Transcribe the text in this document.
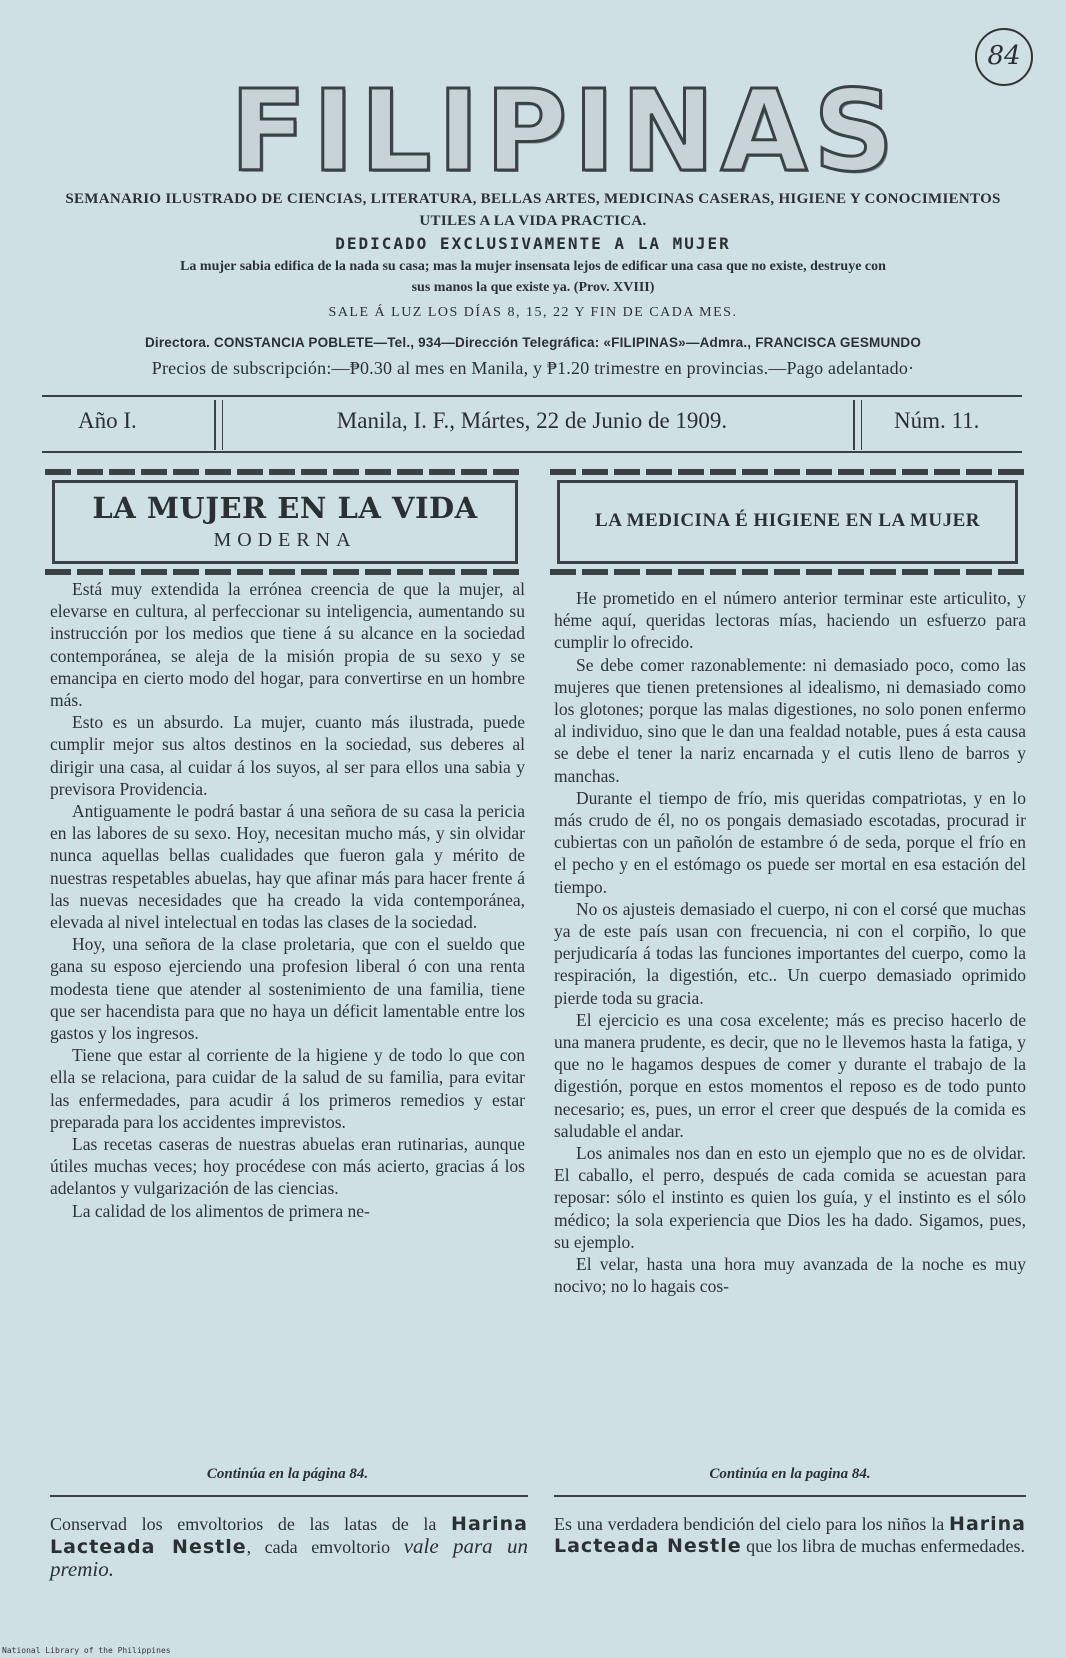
84
FILIPINAS
SEMANARIO ILUSTRADO DE CIENCIAS, LITERATURA, BELLAS ARTES, MEDICINAS CASERAS, HIGIENE Y CONOCIMIENTOS
UTILES A LA VIDA PRACTICA.
DEDICADO EXCLUSIVAMENTE A LA MUJER
La mujer sabia edifica de la nada su casa; mas la mujer insensata lejos de edificar una casa que no existe, destruye con
sus manos la que existe ya. (Prov. XVIII)
SALE Á LUZ LOS DÍAS 8, 15, 22 Y FIN DE CADA MES.
Directora. CONSTANCIA POBLETE—Tel., 934—Dirección Telegráfica: «FILIPINAS»—Admra., FRANCISCA GESMUNDO
Precios de subscripción:—₱0.30 al mes en Manila, y ₱1.20 trimestre en provincias.—Pago adelantado·
Año I.	Manila, I. F., Mártes, 22 de Junio de 1909.	Núm. 11.
LA MUJER EN LA VIDA
MODERNA

Está muy extendida la errónea creencia de que la mujer, al elevarse en cultura, al perfeccionar su inteligencia, aumentando su instrucción por los medios que tiene á su alcance en la sociedad contemporánea, se aleja de la misión propia de su sexo y se emancipa en cierto modo del hogar, para convertirse en un hombre más.

Esto es un absurdo. La mujer, cuanto más ilustrada, puede cumplir mejor sus altos destinos en la sociedad, sus deberes al dirigir una casa, al cuidar á los suyos, al ser para ellos una sabia y previsora Providencia.

Antiguamente le podrá bastar á una señora de su casa la pericia en las labores de su sexo. Hoy, necesitan mucho más, y sin olvidar nunca aquellas bellas cualidades que fueron gala y mérito de nuestras respetables abuelas, hay que afinar más para hacer frente á las nuevas necesidades que ha creado la vida contemporánea, elevada al nivel intelectual en todas las clases de la sociedad.

Hoy, una señora de la clase proletaria, que con el sueldo que gana su esposo ejerciendo una profesion liberal ó con una renta modesta tiene que atender al sostenimiento de una familia, tiene que ser hacendista para que no haya un déficit lamentable entre los gastos y los ingresos.

Tiene que estar al corriente de la higiene y de todo lo que con ella se relaciona, para cuidar de la salud de su familia, para evitar las enfermedades, para acudir á los primeros remedios y estar preparada para los accidentes imprevistos.

Las recetas caseras de nuestras abuelas eran rutinarias, aunque útiles muchas veces; hoy procédese con más acierto, gracias á los adelantos y vulgarización de las ciencias.

La calidad de los alimentos de primera ne-

Continúa en la página 84.
LA MEDICINA É HIGIENE EN LA MUJER

He prometido en el número anterior terminar este articulito, y héme aquí, queridas lectoras mías, haciendo un esfuerzo para cumplir lo ofrecido.

Se debe comer razonablemente: ni demasiado poco, como las mujeres que tienen pretensiones al idealismo, ni demasiado como los glotones; porque las malas digestiones, no solo ponen enfermo al individuo, sino que le dan una fealdad notable, pues á esta causa se debe el tener la nariz encarnada y el cutis lleno de barros y manchas.

Durante el tiempo de frío, mis queridas compatriotas, y en lo más crudo de él, no os pongais demasiado escotadas, procurad ir cubiertas con un pañolón de estambre ó de seda, porque el frío en el pecho y en el estómago os puede ser mortal en esa estación del tiempo.

No os ajusteis demasiado el cuerpo, ni con el corsé que muchas ya de este país usan con frecuencia, ni con el corpiño, lo que perjudicaría á todas las funciones importantes del cuerpo, como la respiración, la digestión, etc.. Un cuerpo demasiado oprimido pierde toda su gracia.

El ejercicio es una cosa excelente; más es preciso hacerlo de una manera prudente, es decir, que no le llevemos hasta la fatiga, y que no le hagamos despues de comer y durante el trabajo de la digestión, porque en estos momentos el reposo es de todo punto necesario; es, pues, un error el creer que después de la comida es saludable el andar.

Los animales nos dan en esto un ejemplo que no es de olvidar. El caballo, el perro, después de cada comida se acuestan para reposar: sólo el instinto es quien los guía, y el instinto es el sólo médico; la sola experiencia que Dios les ha dado. Sigamos, pues, su ejemplo.

El velar, hasta una hora muy avanzada de la noche es muy nocivo; no lo hagais cos-

Continúa en la pagina 84.
Conservad los emvoltorios de las latas de la Harina Lacteada Nestle, cada emvoltorio vale para un premio.
Es una verdadera bendición del cielo para los niños la Harina Lacteada Nestle que los libra de muchas enfermedades.
National Library of the Philippines
